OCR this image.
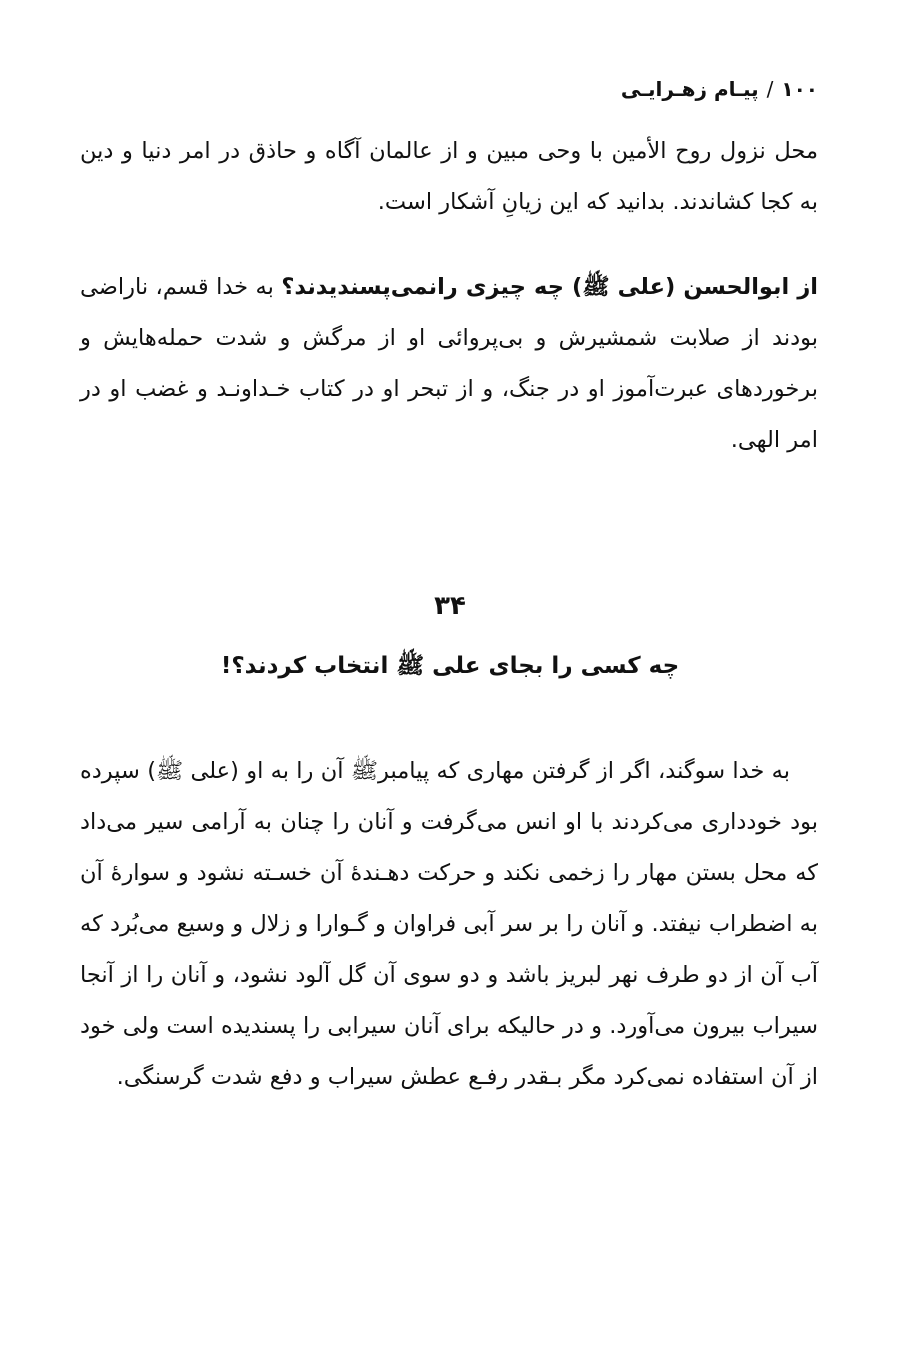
١٠٠/پیـام زهـرایـی

محل نزول روح الأمین با وحی مبین و از عالمان آگاه و حاذق در امر دنیا و دین به کجا کشاندند. بدانید که این زیانِ آشکار است.

از ابوالحسن (علی ﷺ) چه چیزی رانمی‌پسندیدند؟ به خدا قسم، ناراضی بودند از صلابت شمشیرش و بی‌پروائی او از مرگش و شدت حمله‌هایش و برخوردهای عبرت‌آموز او در جنگ، و از تبحر او در کتاب خـداونـد و غضب او در امر الهی.

٣۴
چه کسی را بجای علی ﷺ انتخاب کردند؟!

به خدا سوگند، اگر از گرفتن مهاری که پیامبرﷺ آن را به او (علی ﷺ) سپرده بود خودداری می‌کردند با او انس می‌گرفت و آنان را چنان به آرامی سیر می‌داد که محل بستن مهار را زخمی نکند و حرکت دهـندهٔ آن خسـته نشود و سوارهٔ آن به اضطراب نیفتد. و آنان را بر سر آبی فراوان و گـوارا و زلال و وسیع می‌بُرد که آب آن از دو طرف نهر لبریز باشد و دو سوی آن گل آلود نشود، و آنان را از آنجا سیراب بیرون می‌آورد. و در حالیکه برای آنان سیرابی را پسندیده است ولی خود از آن استفاده نمی‌کرد مگر بـقدر رفـع عطش سیراب و دفع شدت گرسنگی.
